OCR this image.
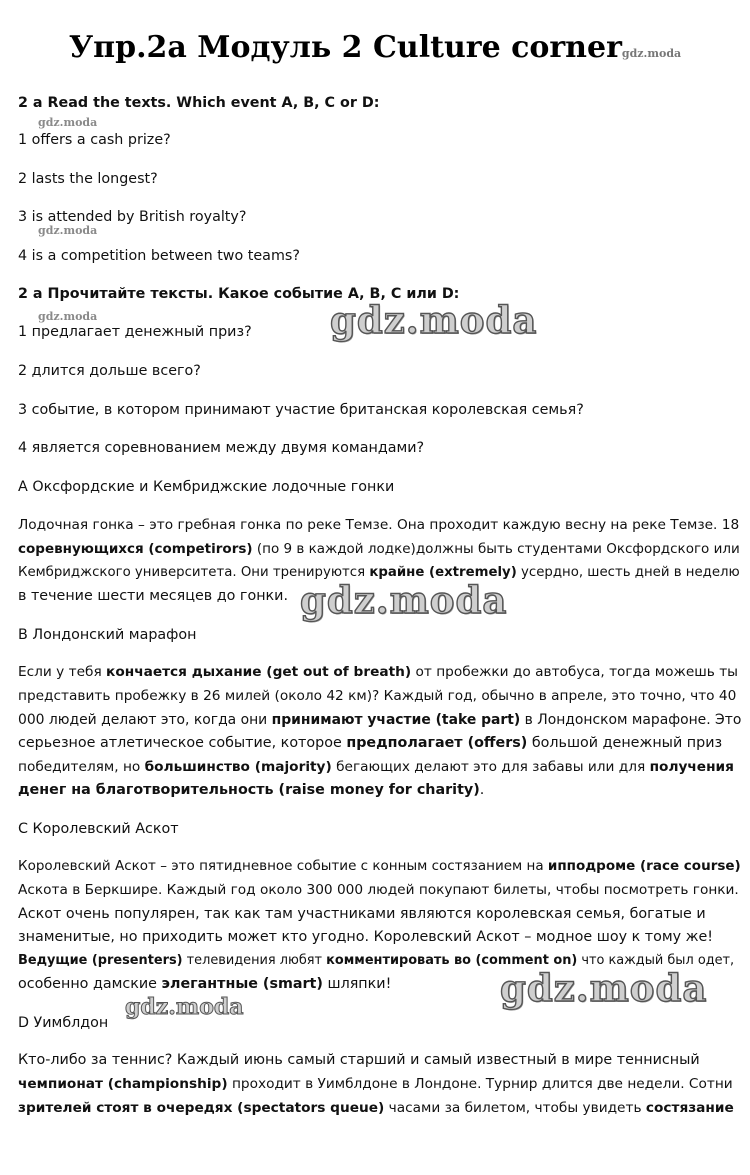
Упр.2а Модуль 2 Culture cornergdz.moda
2 a Read the texts. Which event A, B, C or D:
gdz.moda
1 offers a cash prize?
2 lasts the longest?
3 is attended by British royalty?
gdz.moda
4 is a competition between two teams?
2 а Прочитайте тексты. Какое событие A, B, C или D:
gdz.moda	gdz.moda
1 предлагает денежный приз?
2 длится дольше всего?
3 событие, в котором принимают участие британская королевская семья?
4 является соревнованием между двумя командами?
А Оксфордские и Кембриджские лодочные гонки
Лодочная гонка – это гребная гонка по реке Темзе. Она проходит каждую весну на реке Темзе. 18
соревнующихся (competirors) (по 9 в каждой лодке)должны быть студентами Оксфордского или
Кембриджского университета. Они тренируются крайне (extremely) усердно, шесть дней в неделю
в течение шести месяцев до гонки. gdz.moda
В Лондонский марафон
Если у тебя кончается дыхание (get out of breath) от пробежки до автобуса, тогда можешь ты
представить пробежку в 26 милей (около 42 км)? Каждый год, обычно в апреле, это точно, что 40
000 людей делают это, когда они принимают участие (take part) в Лондонском марафоне. Это
серьезное атлетическое событие, которое предполагает (offers) большой денежный приз
победителям, но большинство (majority) бегающих делают это для забавы или для получения
денег на благотворительность (raise money for charity).
С Королевский Аскот
Королевский Аскот – это пятидневное событие с конным состязанием на ипподроме (race course)
Аскота в Беркшире. Каждый год около 300 000 людей покупают билеты, чтобы посмотреть гонки.
Аскот очень популярен, так как там участниками являются королевская семья, богатые и
знаменитые, но приходить может кто угодно. Королевский Аскот – модное шоу к тому же!
Ведущие (presenters) телевидения любят комментировать во (comment on) что каждый был одет,
особенно дамские элегантные (smart) шляпки!	gdz.moda
gdz.moda
D Уимблдон
Кто-либо за теннис? Каждый июнь самый старший и самый известный в мире теннисный
чемпионат (championship) проходит в Уимблдоне в Лондоне. Турнир длится две недели. Сотни
зрителей стоят в очередях (spectators queue) часами за билетом, чтобы увидеть состязание
